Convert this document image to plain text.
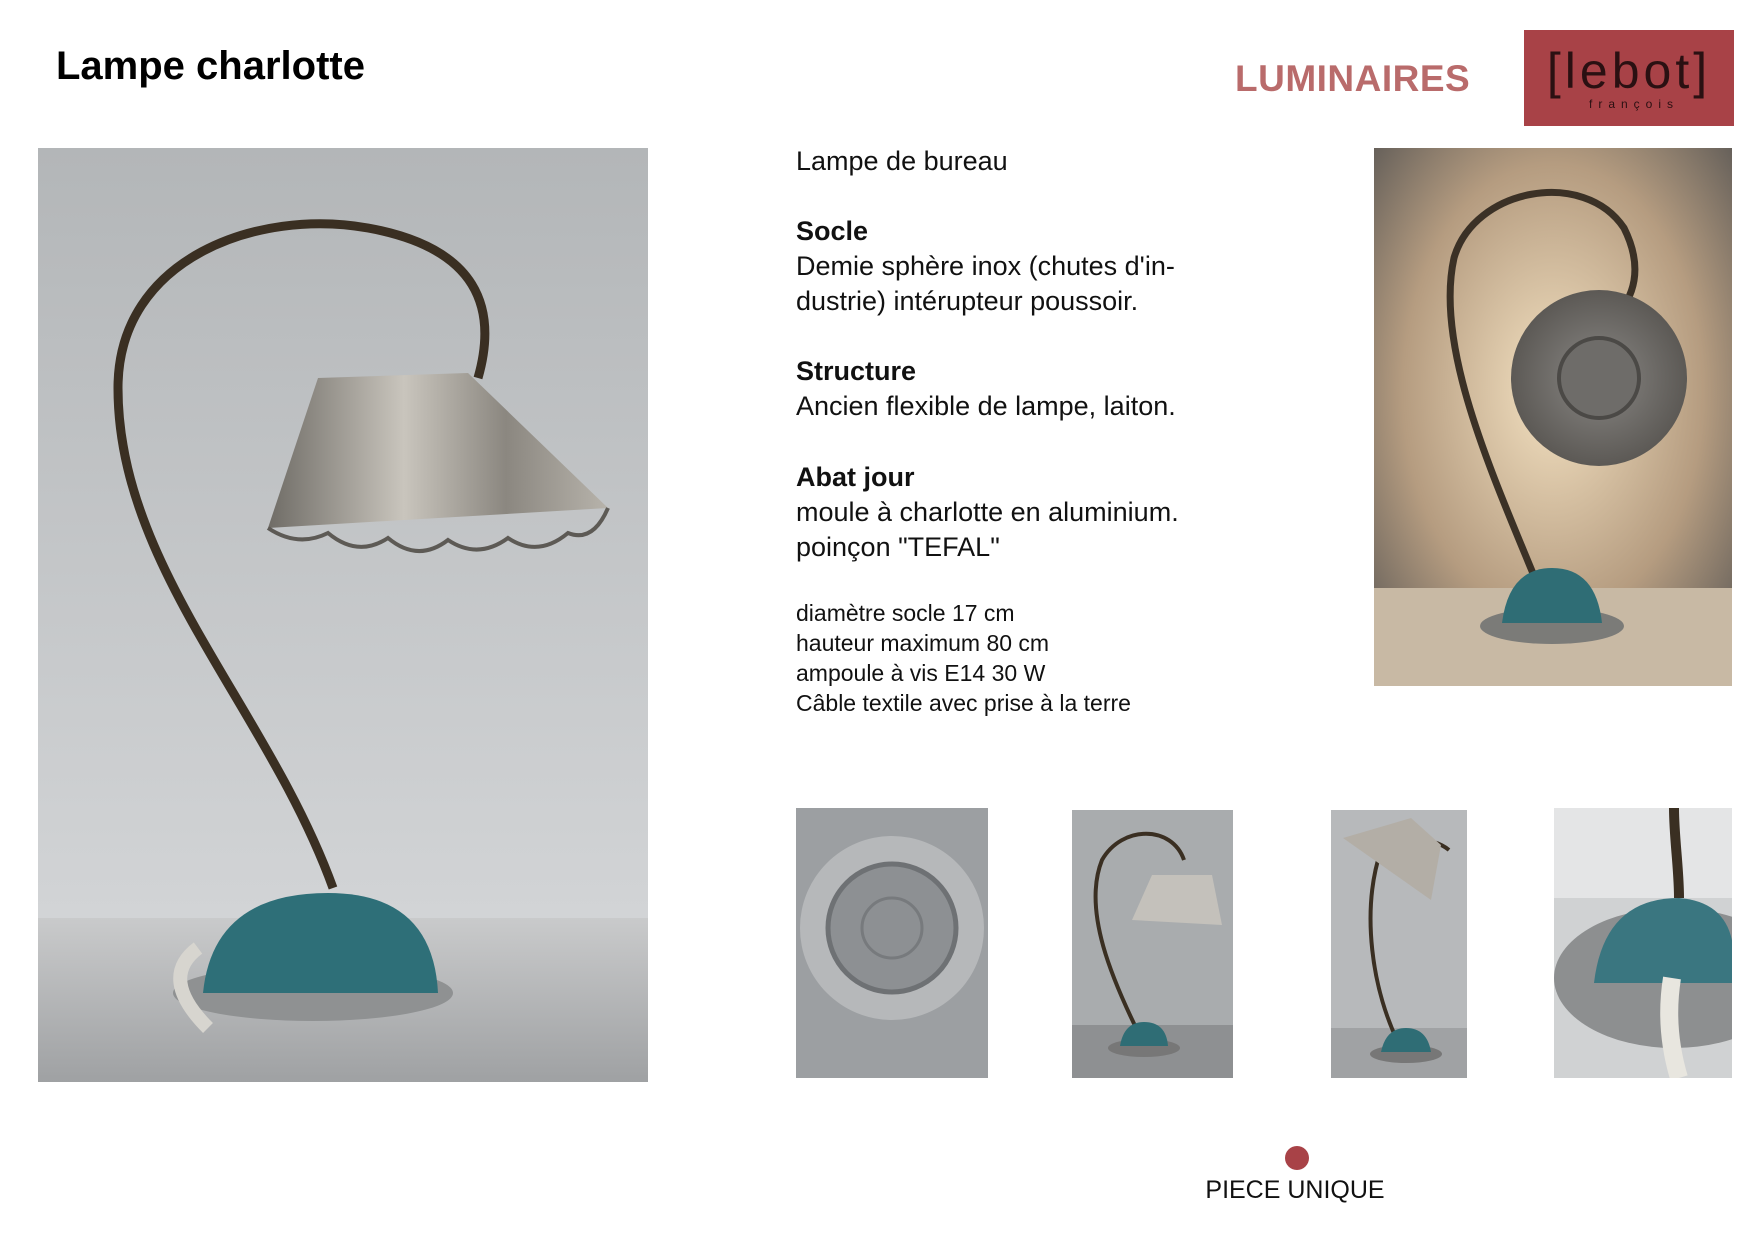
Lampe charlotte	LUMINAIRES [lebot]
françois
Lampe de bureau
Socle
Demie sphère inox (chutes d'in-
dustrie) intérupteur poussoir.
Structure
Ancien flexible de lampe, laiton.
Abat jour
moule à charlotte en aluminium.
poinçon "TEFAL"
diamètre socle 17 cm
hauteur maximum 80 cm
ampoule à vis E14 30 W
Câble textile avec prise à la terre
PIECE UNIQUE
